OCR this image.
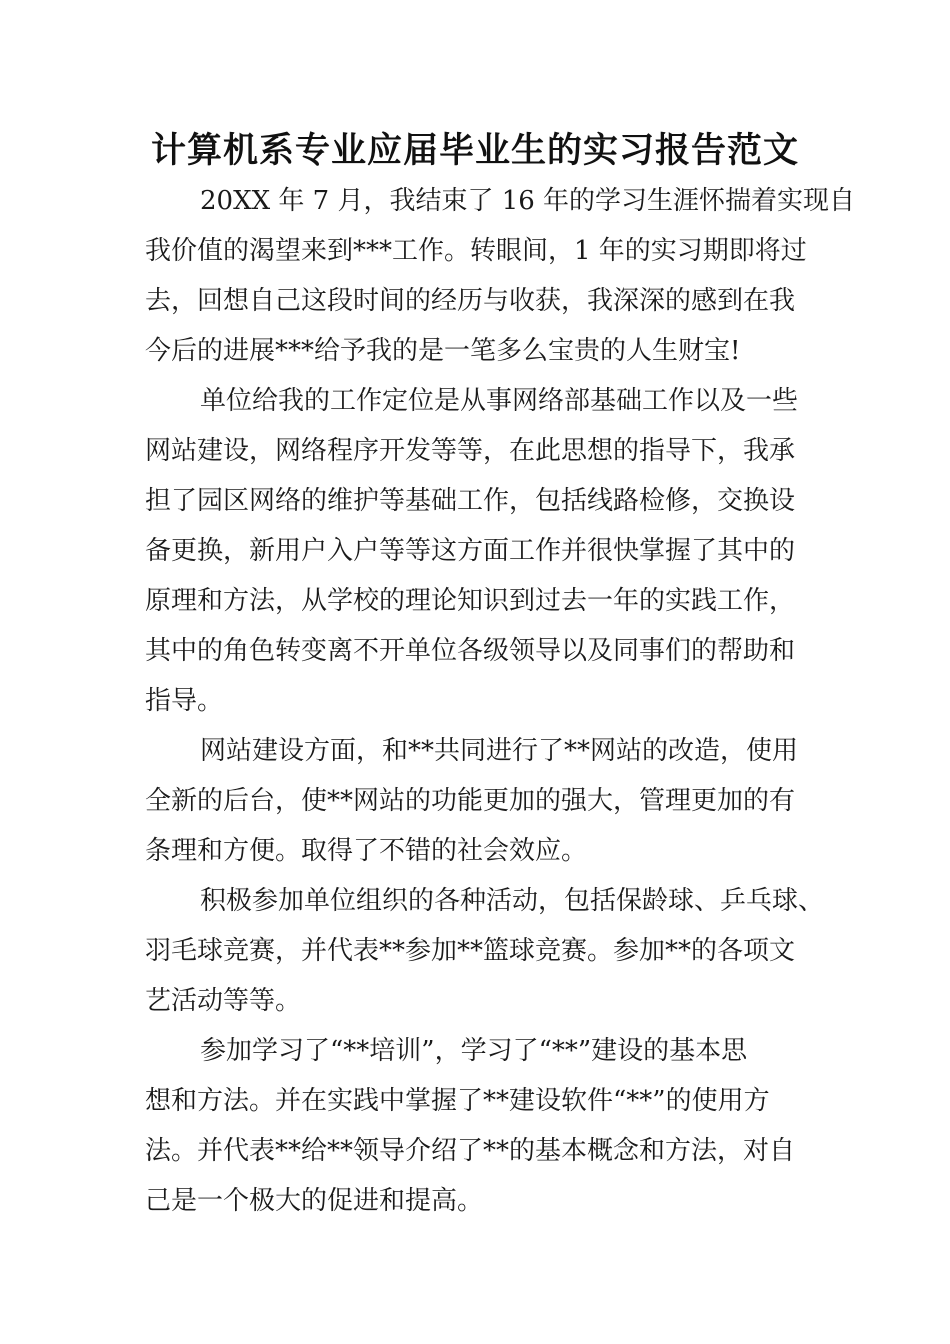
计算机系专业应届毕业生的实习报告范文
20XX 年 7 月，我结束了 16 年的学习生涯怀揣着实现自
我价值的渴望来到***工作。转眼间，1 年的实习期即将过
去，回想自己这段时间的经历与收获，我深深的感到在我
今后的进展***给予我的是一笔多么宝贵的人生财宝!
单位给我的工作定位是从事网络部基础工作以及一些
网站建设，网络程序开发等等，在此思想的指导下，我承
担了园区网络的维护等基础工作，包括线路检修，交换设
备更换，新用户入户等等这方面工作并很快掌握了其中的
原理和方法，从学校的理论知识到过去一年的实践工作，
其中的角色转变离不开单位各级领导以及同事们的帮助和
指导。
网站建设方面，和**共同进行了**网站的改造，使用
全新的后台，使**网站的功能更加的强大，管理更加的有
条理和方便。取得了不错的社会效应。
积极参加单位组织的各种活动，包括保龄球、乒乓球、
羽毛球竞赛，并代表**参加**篮球竞赛。参加**的各项文
艺活动等等。
参加学习了“**培训”，学习了“**”建设的基本思
想和方法。并在实践中掌握了**建设软件“**”的使用方
法。并代表**给**领导介绍了**的基本概念和方法，对自
己是一个极大的促进和提高。
